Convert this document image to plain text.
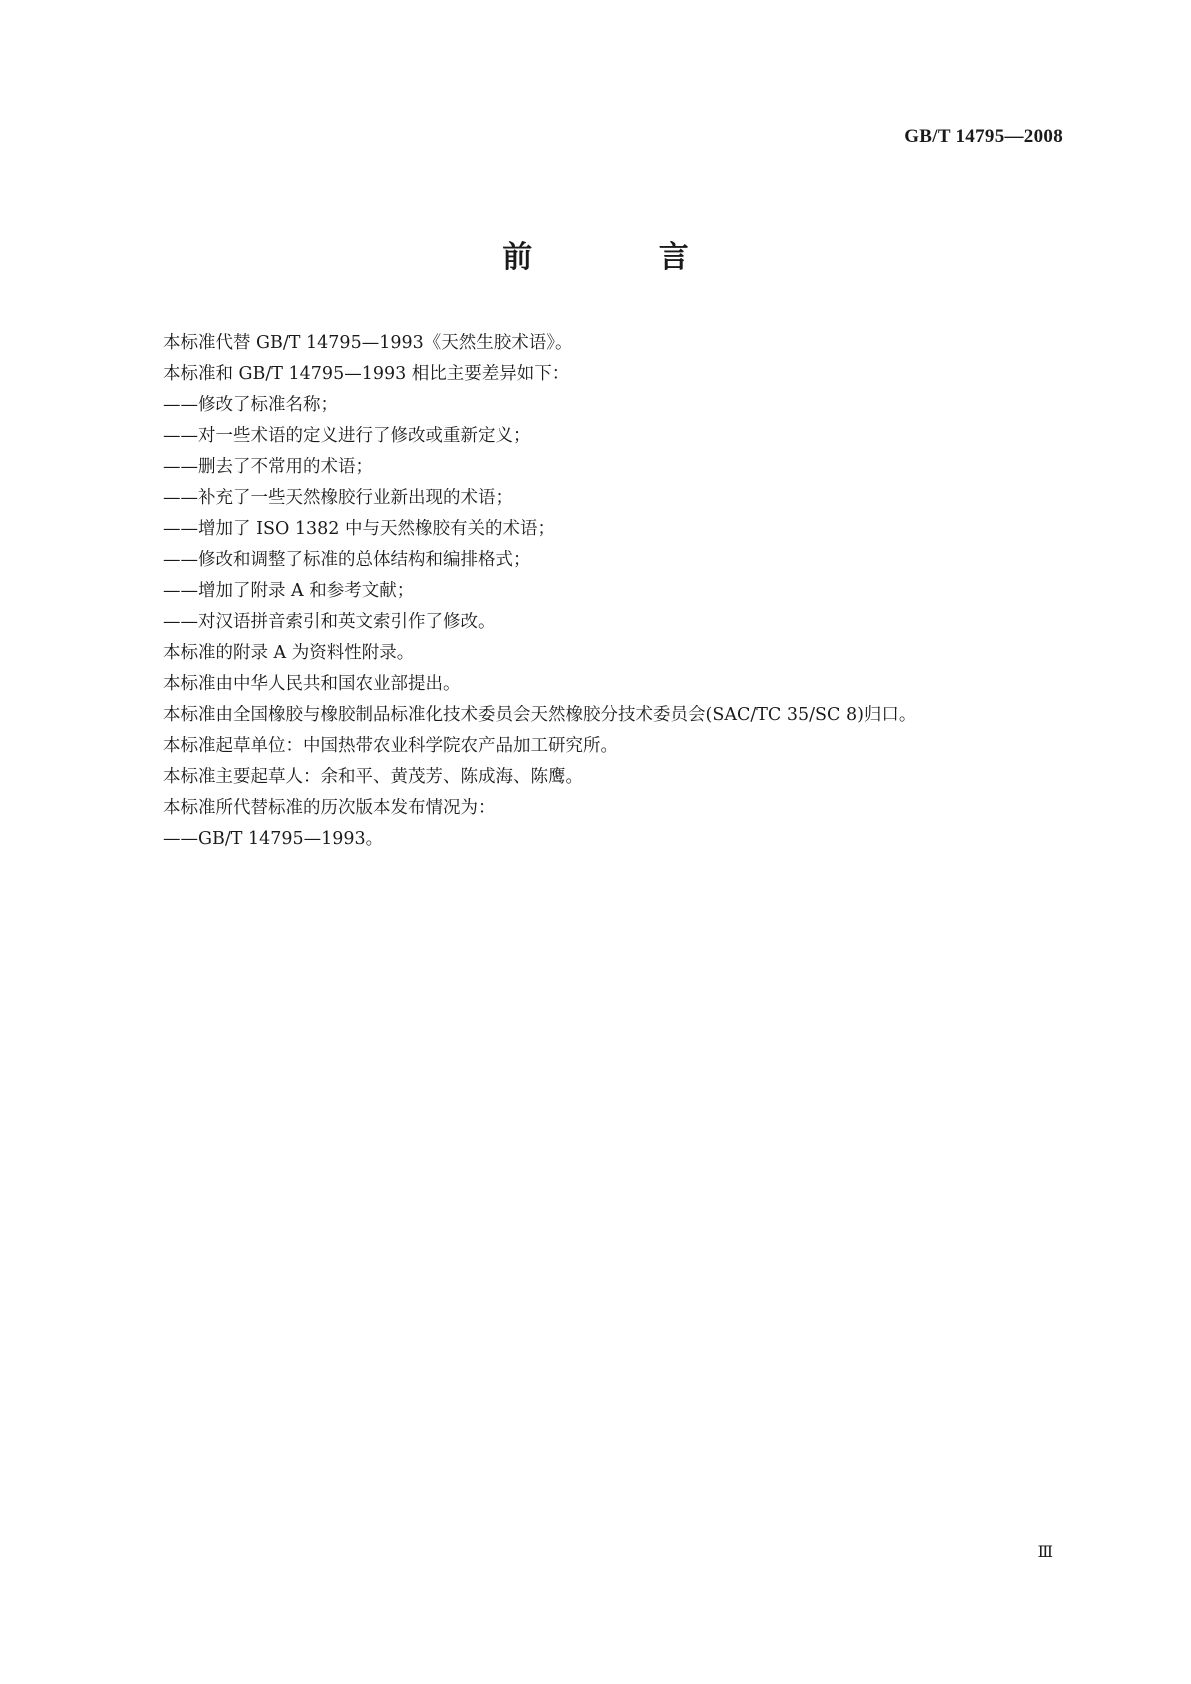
GB/T 14795—2008
前 言

本标准代替 GB/T 14795—1993《天然生胶术语》。

本标准和 GB/T 14795—1993 相比主要差异如下：

——修改了标准名称；

——对一些术语的定义进行了修改或重新定义；

——删去了不常用的术语；

——补充了一些天然橡胶行业新出现的术语；

——增加了 ISO 1382 中与天然橡胶有关的术语；

——修改和调整了标准的总体结构和编排格式；

——增加了附录 A 和参考文献；

——对汉语拼音索引和英文索引作了修改。

本标准的附录 A 为资料性附录。

本标准由中华人民共和国农业部提出。

本标准由全国橡胶与橡胶制品标准化技术委员会天然橡胶分技术委员会(SAC/TC 35/SC 8)归口。

本标准起草单位：中国热带农业科学院农产品加工研究所。

本标准主要起草人：余和平、黄茂芳、陈成海、陈鹰。

本标准所代替标准的历次版本发布情况为：

——GB/T 14795—1993。

Ⅲ
